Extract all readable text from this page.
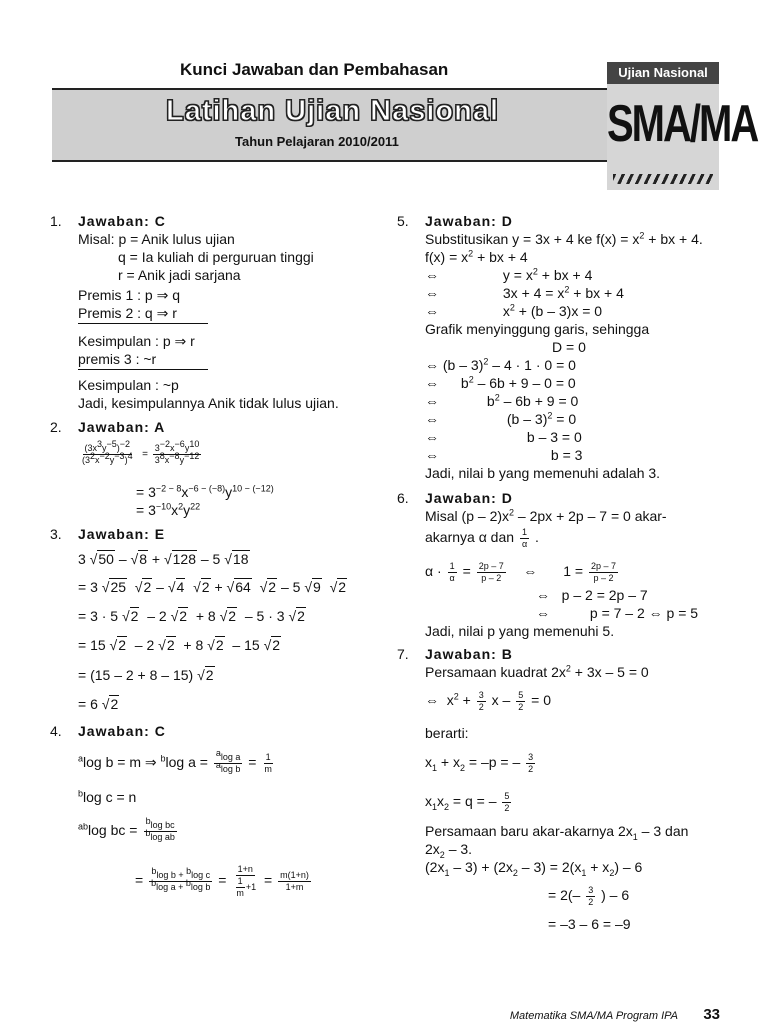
Kunci Jawaban dan Pembahasan
Latihan Ujian Nasional
Tahun Pelajaran 2010/2011
Ujian Nasional
SMA/MA
1. Jawaban: C
Misal: p = Anik lulus ujian
q = Ia kuliah di perguruan tinggi
r = Anik jadi sarjana
Premis 1 : p ⇒ q
Premis 2 : q ⇒ r
Kesimpulan : p ⇒ r
premis 3 : ~r
Kesimpulan : ~p
Jadi, kesimpulannya Anik tidak lulus ujian.
2. Jawaban: A
$\frac{(3x^3y^{-5})^{-2}}{(3^2x^{-2}y^{-3})^4} = \frac{3^{-2}x^{-6}y^{10}}{3^8x^{-8}y^{-12}}$
= $3^{-2 - 8}x^{-6 - (-8)}y^{10 - (-12)}$
= $3^{-10}x^2y^{22}$
3. Jawaban: E
3 √50 – √8 + √128 – 5 √18
= 3 √25  √2 – √4  √2 + √64  √2 – 5 √9  √2
= 3 · 5 √2  – 2 √2  + 8 √2  – 5 · 3 √2
= 15 √2  – 2 √2  + 8 √2  – 15 √2
= (15 – 2 + 8 – 15) √2
= 6 √2
4. Jawaban: C
$^a$log b = m ⇒ $^b$log $a = \frac{^a\log a}{^a\log b} = \frac{1}{m}$
$^b$log c = n
$^{ab}$log bc = $\frac{^b\log bc}{^b\log ab}$
= $\frac{^b\log b + ^b\log c}{^b\log a + ^b\log b} = \frac{1+n}{\frac{1}{m} +1} = \frac{m(1+n)}{1+m}$
5. Jawaban: D
Substitusikan y = 3x + 4 ke $f(x) = x^2$ + bx + 4.
$f(x) = x^2$ + bx + 4
⇔	$y = x^2$ + bx + 4
⇔	$3x + 4 = x^2$ + bx + 4
⇔	$x^2 + (b - 3)x = 0$
Grafik menyinggung garis, sehingga
D = 0
⇔ (b – 3)$^2$ – 4 · 1 · 0 = 0
⇔ $b^2 - 6b + 9 - 0 = 0$
⇔	$b^2 - 6b + 9 = 0$
⇔	(b – 3)$^2$ = 0
⇔	b – 3 = 0
⇔	b = 3
Jadi, nilai b yang memenuhi adalah 3.
6. Jawaban: D
Misal $(p - 2)x^2 - 2px + 2p - 7 = 0$ akar-
akarnya α dan $\frac{1}{\alpha}$ .
$\alpha \cdot \frac{1}{\alpha} = \frac{2p - 7}{p - 2}$ ⇔ $1 = \frac{2p - 7}{p - 2}$
⇔   p – 2 = 2p – 7
⇔	p = 7 – 2 ⇔ p = 5
Jadi, nilai p yang memenuhi 5.
7. Jawaban: B
Persamaan kuadrat $2x^2 + 3x - 5 = 0$
⇔  $x^2 + \frac{3}{2}$ $x - \frac{5}{2} = 0$
berarti:
$x_1 + x_2 = -p$ = – $\frac{3}{2}$
$x_1x_2 = q$ = – $\frac{5}{2}$
Persamaan baru akar-akarnya $2x_1 - 3$ dan
$2x_2 - 3$.
$(2x_1 - 3) + (2x_2 - 3) = 2(x_1 + x_2) - 6$
= $2(- \frac{3}{2}$ ) – 6
= –3 – 6 = –9
Matematika SMA/MA Program IPA 33
